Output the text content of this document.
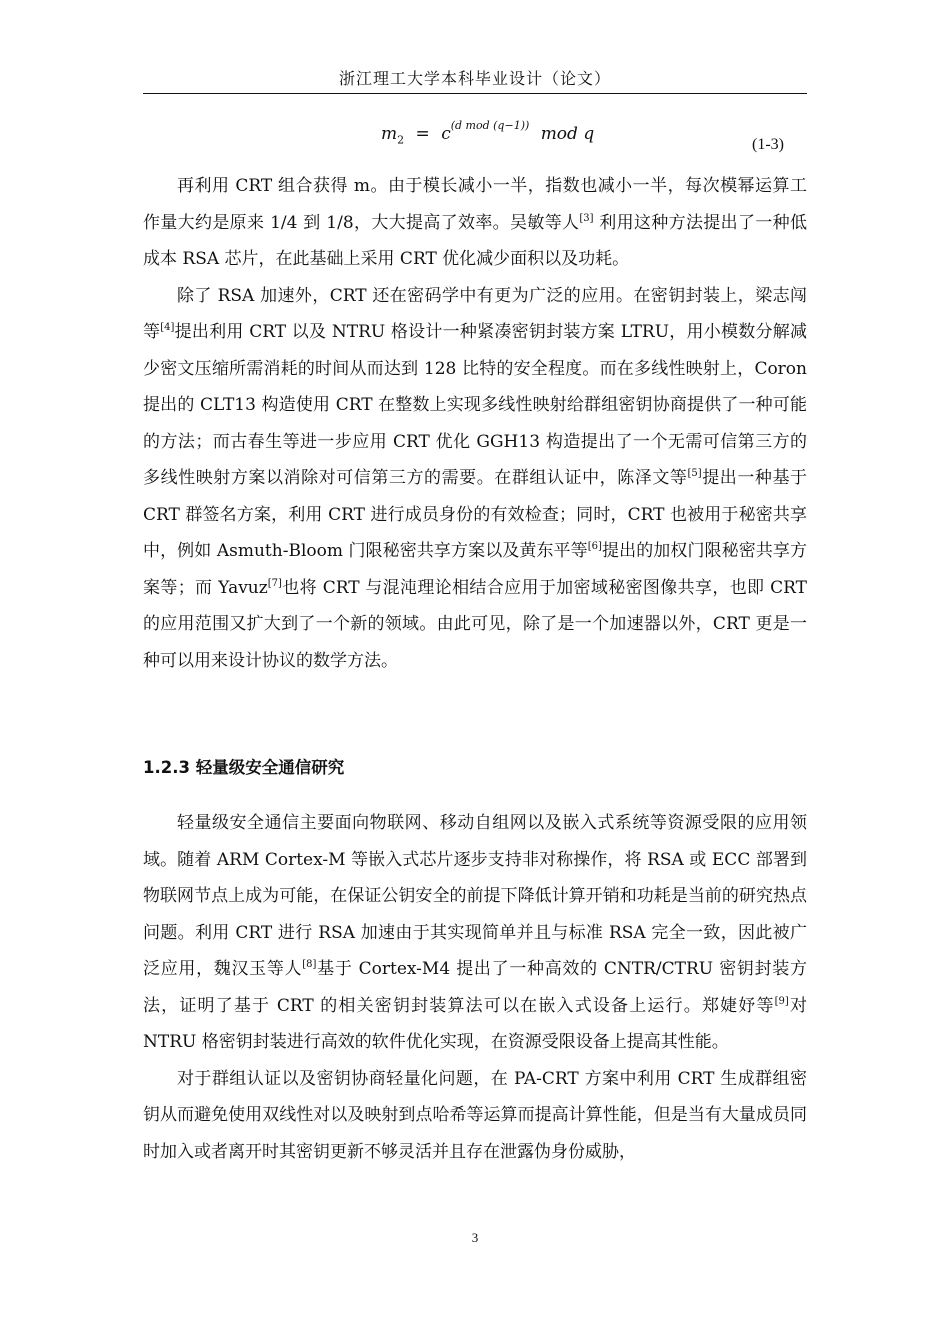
浙江理工大学本科毕业设计（论文）
$m_2 = c^{(d mod (q-1))}$ mod q
(1-3)

再利用 CRT 组合获得 m。由于模长减小一半，指数也减小一半，每次模幂运算工作量大约是原来 1/4 到 1/8，大大提高了效率。吴敏等人[3] 利用这种方法提出了一种低成本 RSA 芯片，在此基础上采用 CRT 优化减少面积以及功耗。

除了 RSA 加速外，CRT 还在密码学中有更为广泛的应用。在密钥封装上，梁志闯等[4]提出利用 CRT 以及 NTRU 格设计一种紧凑密钥封装方案 LTRU，用小模数分解减少密文压缩所需消耗的时间从而达到 128 比特的安全程度。而在多线性映射上，Coron 提出的 CLT13 构造使用 CRT 在整数上实现多线性映射给群组密钥协商提供了一种可能的方法；而古春生等进一步应用 CRT 优化 GGH13 构造提出了一个无需可信第三方的多线性映射方案以消除对可信第三方的需要。在群组认证中，陈泽文等[5]提出一种基于 CRT 群签名方案，利用 CRT 进行成员身份的有效检查；同时，CRT 也被用于秘密共享中，例如 Asmuth-Bloom 门限秘密共享方案以及黄东平等[6]提出的加权门限秘密共享方案等；而 Yavuz[7]也将 CRT 与混沌理论相结合应用于加密域秘密图像共享，也即 CRT 的应用范围又扩大到了一个新的领域。由此可见，除了是一个加速器以外，CRT 更是一种可以用来设计协议的数学方法。

1.2.3 轻量级安全通信研究

轻量级安全通信主要面向物联网、移动自组网以及嵌入式系统等资源受限的应用领域。随着 ARM Cortex-M 等嵌入式芯片逐步支持非对称操作，将 RSA 或 ECC 部署到物联网节点上成为可能，在保证公钥安全的前提下降低计算开销和功耗是当前的研究热点问题。利用 CRT 进行 RSA 加速由于其实现简单并且与标准 RSA 完全一致，因此被广泛应用，魏汉玉等人[8]基于 Cortex-M4 提出了一种高效的 CNTR/CTRU 密钥封装方法，证明了基于 CRT 的相关密钥封装算法可以在嵌入式设备上运行。郑婕妤等[9]对 NTRU 格密钥封装进行高效的软件优化实现，在资源受限设备上提高其性能。

对于群组认证以及密钥协商轻量化问题，在 PA-CRT 方案中利用 CRT 生成群组密钥从而避免使用双线性对以及映射到点哈希等运算而提高计算性能，但是当有大量成员同时加入或者离开时其密钥更新不够灵活并且存在泄露伪身份威胁，

3
